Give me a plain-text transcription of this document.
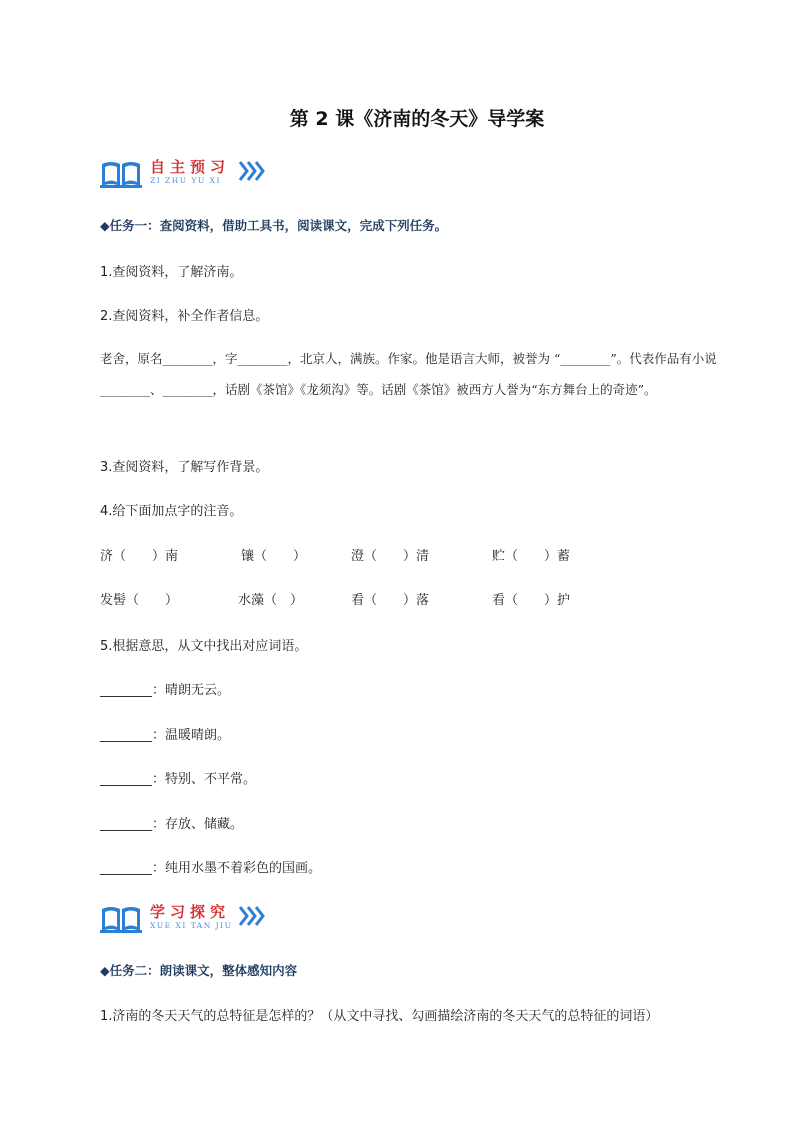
第 2 课《济南的冬天》导学案
自主预习
ZI ZHU YU XI
◆任务一：查阅资料，借助工具书，阅读课文，完成下列任务。
1.查阅资料，了解济南。
2.查阅资料，补全作者信息。
老舍，原名________，字________，北京人，满族。作家。他是语言大师，被誉为 “________”。代表作品有小说________、________，话剧《茶馆》《龙须沟》等。话剧《茶馆》被西方人誉为“东方舞台上的奇迹”。
3.查阅资料，了解写作背景。
4.给下面加点字的注音。
济（　　）南	镶（　　）	澄（　　）清	贮（　　）蓄
发髻（　　）	水藻（　）	看（　　）落	看（　　）护
5.根据意思，从文中找出对应词语。
________：晴朗无云。
________：温暖晴朗。
________：特别、不平常。
________：存放、储藏。
________：纯用水墨不着彩色的国画。
学习探究
XUE XI TAN JIU
◆任务二：朗读课文，整体感知内容
1.济南的冬天天气的总特征是怎样的？（从文中寻找、勾画描绘济南的冬天天气的总特征的词语）
